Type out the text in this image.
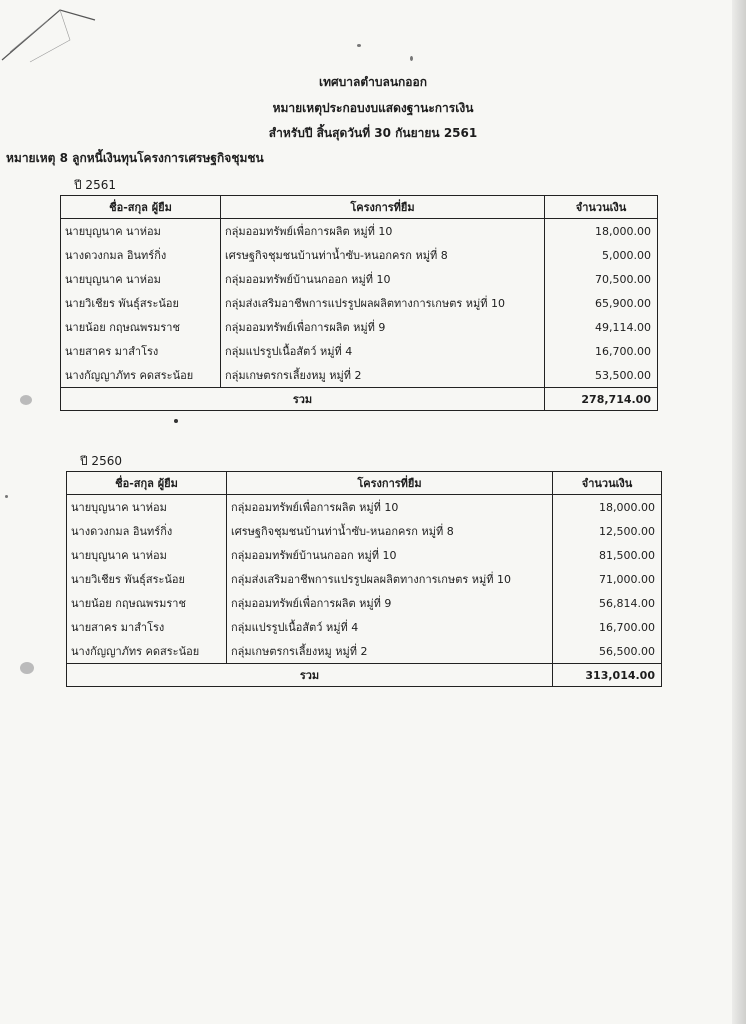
เทศบาลตำบลนกออก
หมายเหตุประกอบงบแสดงฐานะการเงิน
สำหรับปี สิ้นสุดวันที่ 30 กันยายน 2561
หมายเหตุ 8 ลูกหนี้เงินทุนโครงการเศรษฐกิจชุมชน
ปี 2561
ชื่อ-สกุล ผู้ยืม	โครงการที่ยืม	จำนวนเงิน
นายบุญนาค นาห่อม	กลุ่มออมทรัพย์เพื่อการผลิต หมู่ที่ 10	18,000.00
นางดวงกมล อินทร์กิ่ง	เศรษฐกิจชุมชนบ้านท่าน้ำซับ-หนอกครก หมู่ที่ 8	5,000.00
นายบุญนาค นาห่อม	กลุ่มออมทรัพย์บ้านนกออก หมู่ที่ 10	70,500.00
นายวิเชียร พันธุ์สระน้อย	กลุ่มส่งเสริมอาชีพการแปรรูปผลผลิตทางการเกษตร หมู่ที่ 10	65,900.00
นายน้อย กฤษณพรมราช	กลุ่มออมทรัพย์เพื่อการผลิต หมู่ที่ 9	49,114.00
นายสาคร มาสำโรง	กลุ่มแปรรูปเนื้อสัตว์ หมู่ที่ 4	16,700.00
นางกัญญาภัทร คดสระน้อย	กลุ่มเกษตรกรเลี้ยงหมู หมู่ที่ 2	53,500.00
รวม		278,714.00
ปี 2560
ชื่อ-สกุล ผู้ยืม	โครงการที่ยืม	จำนวนเงิน
นายบุญนาค นาห่อม	กลุ่มออมทรัพย์เพื่อการผลิต หมู่ที่ 10	18,000.00
นางดวงกมล อินทร์กิ่ง	เศรษฐกิจชุมชนบ้านท่าน้ำซับ-หนอกครก หมู่ที่ 8	12,500.00
นายบุญนาค นาห่อม	กลุ่มออมทรัพย์บ้านนกออก หมู่ที่ 10	81,500.00
นายวิเชียร พันธุ์สระน้อย	กลุ่มส่งเสริมอาชีพการแปรรูปผลผลิตทางการเกษตร หมู่ที่ 10	71,000.00
นายน้อย กฤษณพรมราช	กลุ่มออมทรัพย์เพื่อการผลิต หมู่ที่ 9	56,814.00
นายสาคร มาสำโรง	กลุ่มแปรรูปเนื้อสัตว์ หมู่ที่ 4	16,700.00
นางกัญญาภัทร คดสระน้อย	กลุ่มเกษตรกรเลี้ยงหมู หมู่ที่ 2	56,500.00
รวม		313,014.00
